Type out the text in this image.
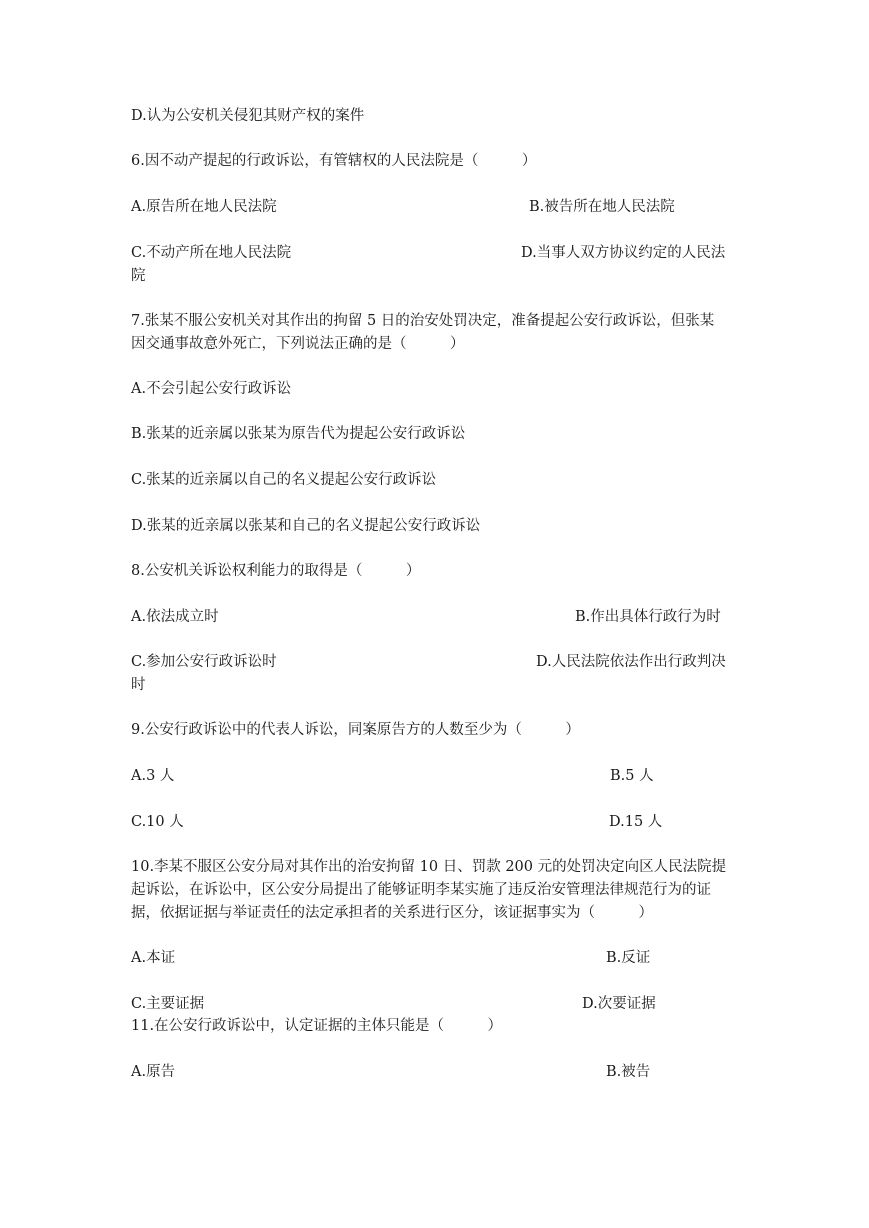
D.认为公安机关侵犯其财产权的案件
6.因不动产提起的行政诉讼，有管辖权的人民法院是（　　　）
A.原告所在地人民法院	B.被告所在地人民法院
C.不动产所在地人民法院	D.当事人双方协议约定的人民法
院
7.张某不服公安机关对其作出的拘留 5 日的治安处罚决定，准备提起公安行政诉讼，但张某
因交通事故意外死亡，下列说法正确的是（　　　）
A.不会引起公安行政诉讼
B.张某的近亲属以张某为原告代为提起公安行政诉讼
C.张某的近亲属以自己的名义提起公安行政诉讼
D.张某的近亲属以张某和自己的名义提起公安行政诉讼
8.公安机关诉讼权利能力的取得是（　　　）
A.依法成立时	B.作出具体行政行为时
C.参加公安行政诉讼时	D.人民法院依法作出行政判决
时
9.公安行政诉讼中的代表人诉讼，同案原告方的人数至少为（　　　）
A.3 人	B.5 人
C.10 人	D.15 人
10.李某不服区公安分局对其作出的治安拘留 10 日、罚款 200 元的处罚决定向区人民法院提
起诉讼，在诉讼中，区公安分局提出了能够证明李某实施了违反治安管理法律规范行为的证
据，依据证据与举证责任的法定承担者的关系进行区分，该证据事实为（　　　）
A.本证	B.反证
C.主要证据	D.次要证据
11.在公安行政诉讼中，认定证据的主体只能是（　　　）
A.原告	B.被告
